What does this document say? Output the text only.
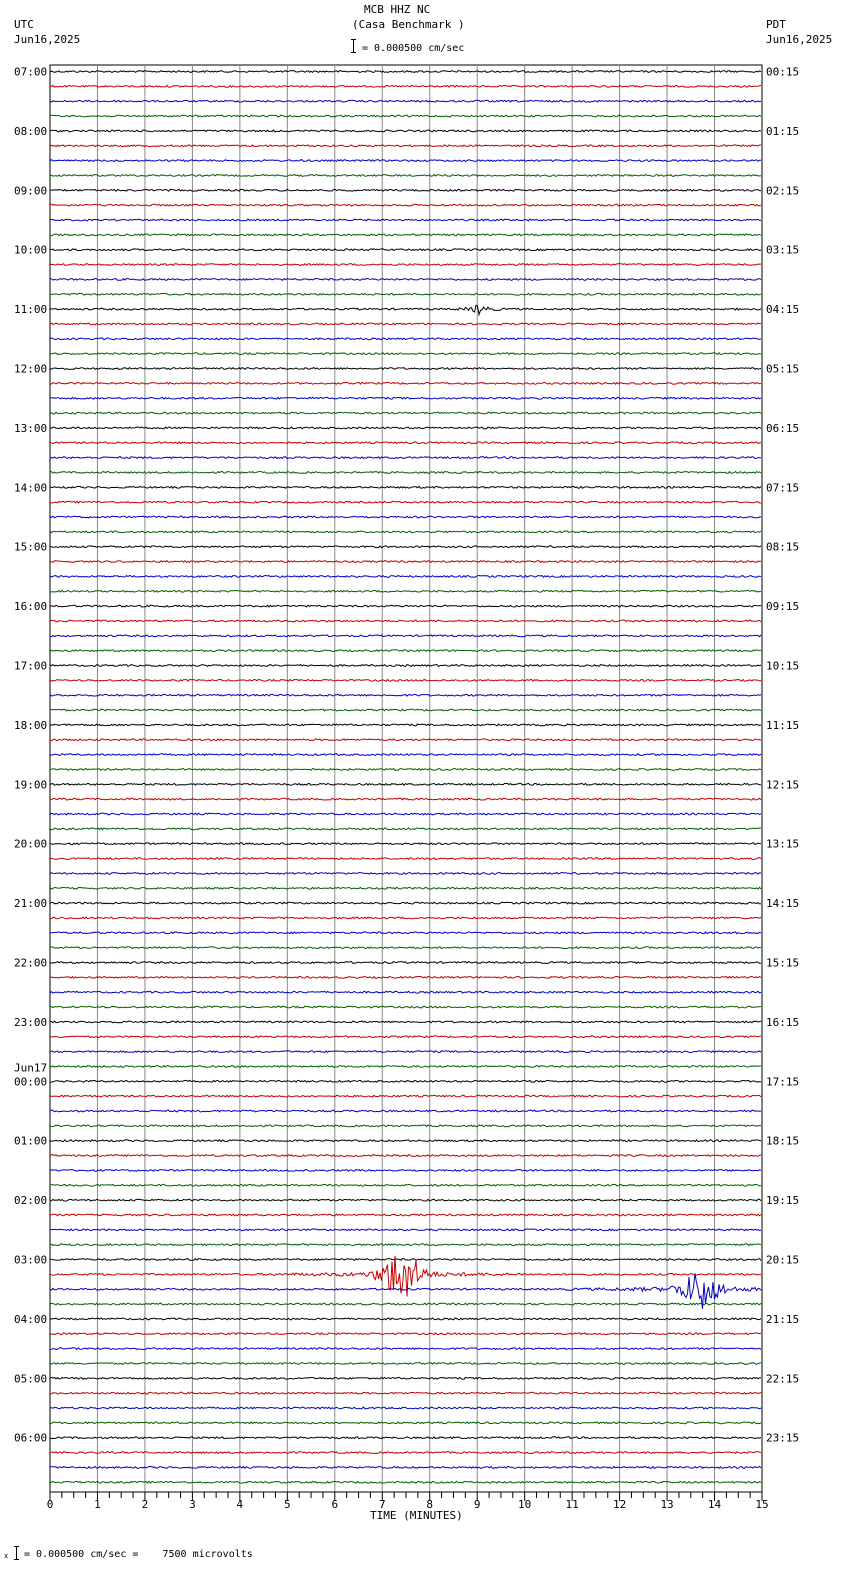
MCB HHZ NC
(Casa Benchmark )
= 0.000500 cm/sec
UTC
Jun16,2025
PDT
Jun16,2025
07:00	00:15
08:00	01:15
09:00	02:15
10:00	03:15
11:00	04:15
12:00	05:15
13:00	06:15
14:00	07:15
15:00	08:15
16:00	09:15
17:00	10:15
18:00	11:15
19:00	12:15
20:00	13:15
21:00	14:15
22:00	15:15
23:00	16:15
00:00	17:15
Jun17
01:00	18:15
02:00	19:15
03:00	20:15
04:00	21:15
05:00	22:15
06:00	23:15
0	1	2	3	4	5	6	7	8	9	10	11	12	13	14	15
TIME (MINUTES)
x = 0.000500 cm/sec =    7500 microvolts
